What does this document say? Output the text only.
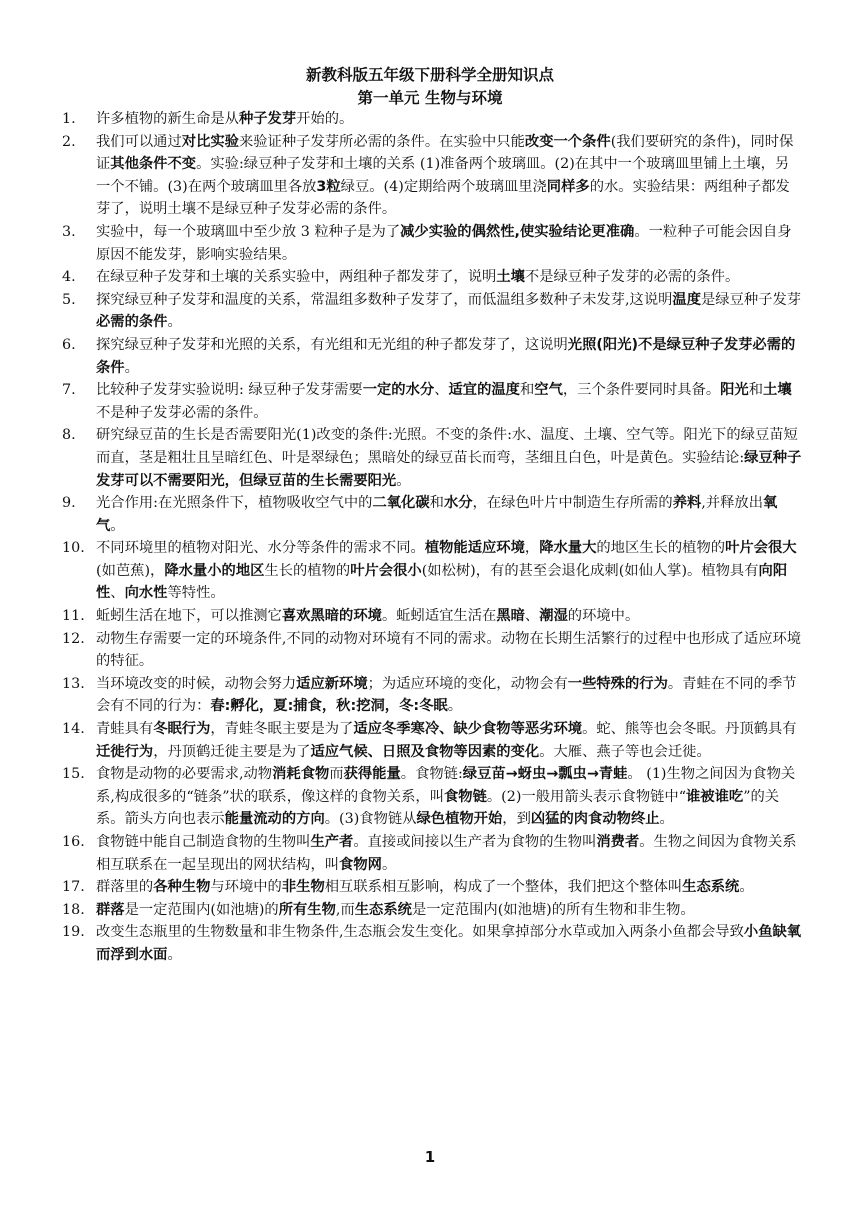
新教科版五年级下册科学全册知识点
第一单元 生物与环境
1.	许多植物的新生命是从种子发芽开始的。
2.	我们可以通过对比实验来验证种子发芽所必需的条件。在实验中只能改变一个条件(我们要研究的条件)，同时保证其他条件不变。实验:绿豆种子发芽和土壤的关系 (1)准备两个玻璃皿。(2)在其中一个玻璃皿里铺上土壤，另一个不铺。(3)在两个玻璃皿里各放3粒绿豆。(4)定期给两个玻璃皿里浇同样多的水。实验结果：两组种子都发芽了，说明土壤不是绿豆种子发芽必需的条件。
3.	实验中，每一个玻璃皿中至少放 3 粒种子是为了减少实验的偶然性,使实验结论更准确。一粒种子可能会因自身原因不能发芽，影响实验结果。
4.	在绿豆种子发芽和土壤的关系实验中，两组种子都发芽了，说明土壤不是绿豆种子发芽的必需的条件。
5.	探究绿豆种子发芽和温度的关系，常温组多数种子发芽了，而低温组多数种子未发芽,这说明温度是绿豆种子发芽必需的条件。
6.	探究绿豆种子发芽和光照的关系，有光组和无光组的种子都发芽了，这说明光照(阳光)不是绿豆种子发芽必需的条件。
7.	比较种子发芽实验说明: 绿豆种子发芽需要一定的水分、适宜的温度和空气，三个条件要同时具备。阳光和土壤不是种子发芽必需的条件。
8.	研究绿豆苗的生长是否需要阳光(1)改变的条件:光照。不变的条件:水、温度、土壤、空气等。阳光下的绿豆苗短而直，茎是粗壮且呈暗红色、叶是翠绿色；黑暗处的绿豆苗长而弯，茎细且白色，叶是黄色。实验结论:绿豆种子发芽可以不需要阳光，但绿豆苗的生长需要阳光。
9.	光合作用:在光照条件下，植物吸收空气中的二氧化碳和水分，在绿色叶片中制造生存所需的养料,并释放出氧气。
10. 不同环境里的植物对阳光、水分等条件的需求不同。植物能适应环境，降水量大的地区生长的植物的叶片会很大(如芭蕉)，降水量小的地区生长的植物的叶片会很小(如松树)，有的甚至会退化成刺(如仙人掌)。植物具有向阳性、向水性等特性。
11. 蚯蚓生活在地下，可以推测它喜欢黑暗的环境。蚯蚓适宜生活在黑暗、潮湿的环境中。
12. 动物生存需要一定的环境条件,不同的动物对环境有不同的需求。动物在长期生活繁行的过程中也形成了适应环境的特征。
13. 当环境改变的时候，动物会努力适应新环境；为适应环境的变化，动物会有一些特殊的行为。青蛙在不同的季节会有不同的行为：春:孵化，夏:捕食，秋:挖洞，冬:冬眠。
14. 青蛙具有冬眠行为，青蛙冬眠主要是为了适应冬季寒冷、缺少食物等恶劣环境。蛇、熊等也会冬眠。丹顶鹤具有迁徙行为，丹顶鹤迁徙主要是为了适应气候、日照及食物等因素的变化。大雁、燕子等也会迁徙。
15. 食物是动物的必要需求,动物消耗食物而获得能量。食物链:绿豆苗→蚜虫→瓢虫→青蛙。 (1)生物之间因为食物关系,构成很多的“链条”状的联系，像这样的食物关系，叫食物链。(2)一般用箭头表示食物链中“谁被谁吃”的关系。箭头方向也表示能量流动的方向。(3)食物链从绿色植物开始，到凶猛的肉食动物终止。
16. 食物链中能自己制造食物的生物叫生产者。直接或间接以生产者为食物的生物叫消费者。生物之间因为食物关系相互联系在一起呈现出的网状结构，叫食物网。
17. 群落里的各种生物与环境中的非生物相互联系相互影响，构成了一个整体，我们把这个整体叫生态系统。
18. 群落是一定范围内(如池塘)的所有生物,而生态系统是一定范围内(如池塘)的所有生物和非生物。
19. 改变生态瓶里的生物数量和非生物条件,生态瓶会发生变化。如果拿掉部分水草或加入两条小鱼都会导致小鱼缺氧而浮到水面。
1
